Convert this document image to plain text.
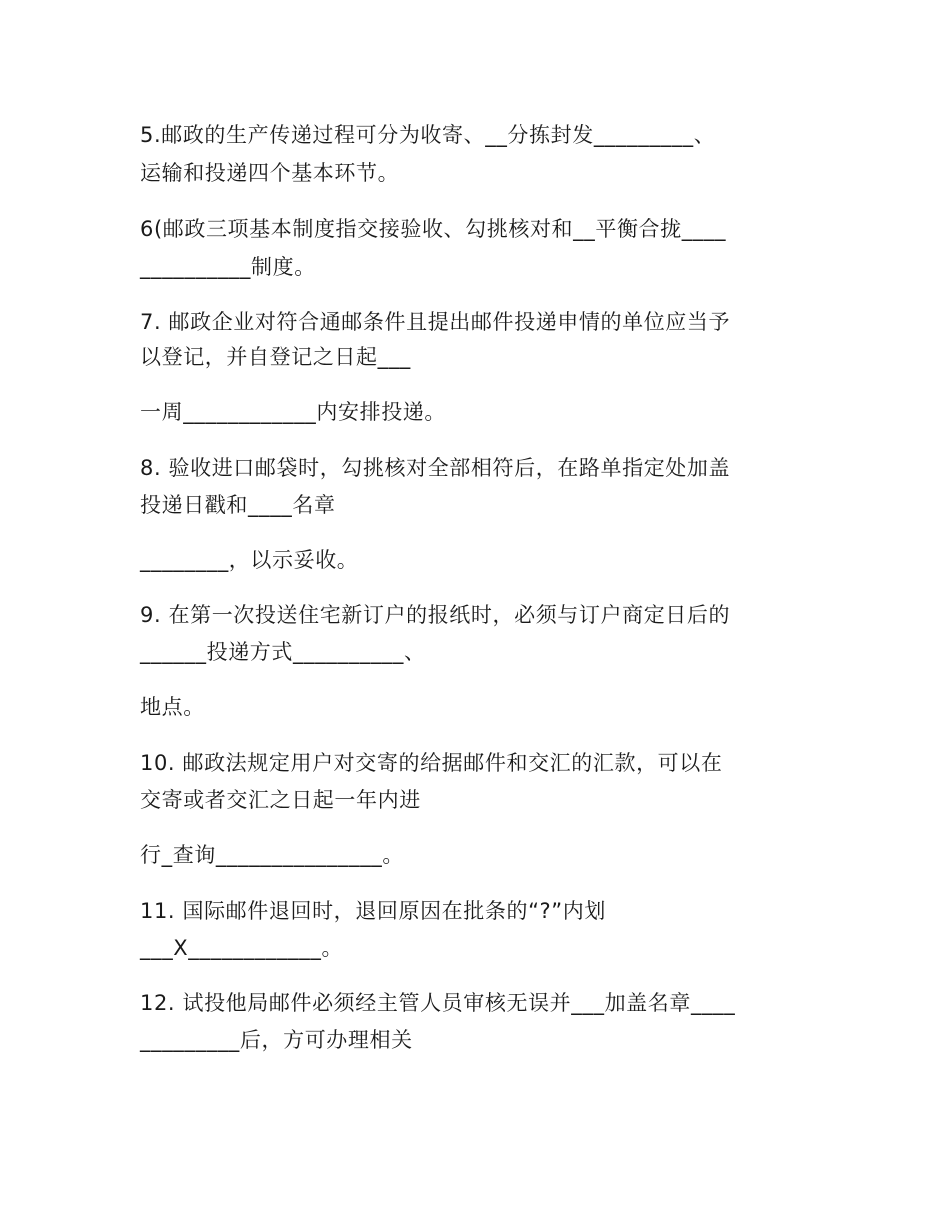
5.邮政的生产传递过程可分为收寄、__分拣封发_________、
运输和投递四个基本环节。
6(邮政三项基本制度指交接验收、勾挑核对和__平衡合拢____
__________制度。
7. 邮政企业对符合通邮条件且提出邮件投递申情的单位应当予
以登记，并自登记之日起___
一周____________内安排投递。
8. 验收进口邮袋时，勾挑核对全部相符后，在路单指定处加盖
投递日戳和____名章
________，以示妥收。
9. 在第一次投送住宅新订户的报纸时，必须与订户商定日后的
______投递方式__________、
地点。
10. 邮政法规定用户对交寄的给据邮件和交汇的汇款，可以在
交寄或者交汇之日起一年内进
行_查询_______________。
11. 国际邮件退回时，退回原因在批条的“?”内划
___X____________。
12. 试投他局邮件必须经主管人员审核无误并___加盖名章____
_________后，方可办理相关
